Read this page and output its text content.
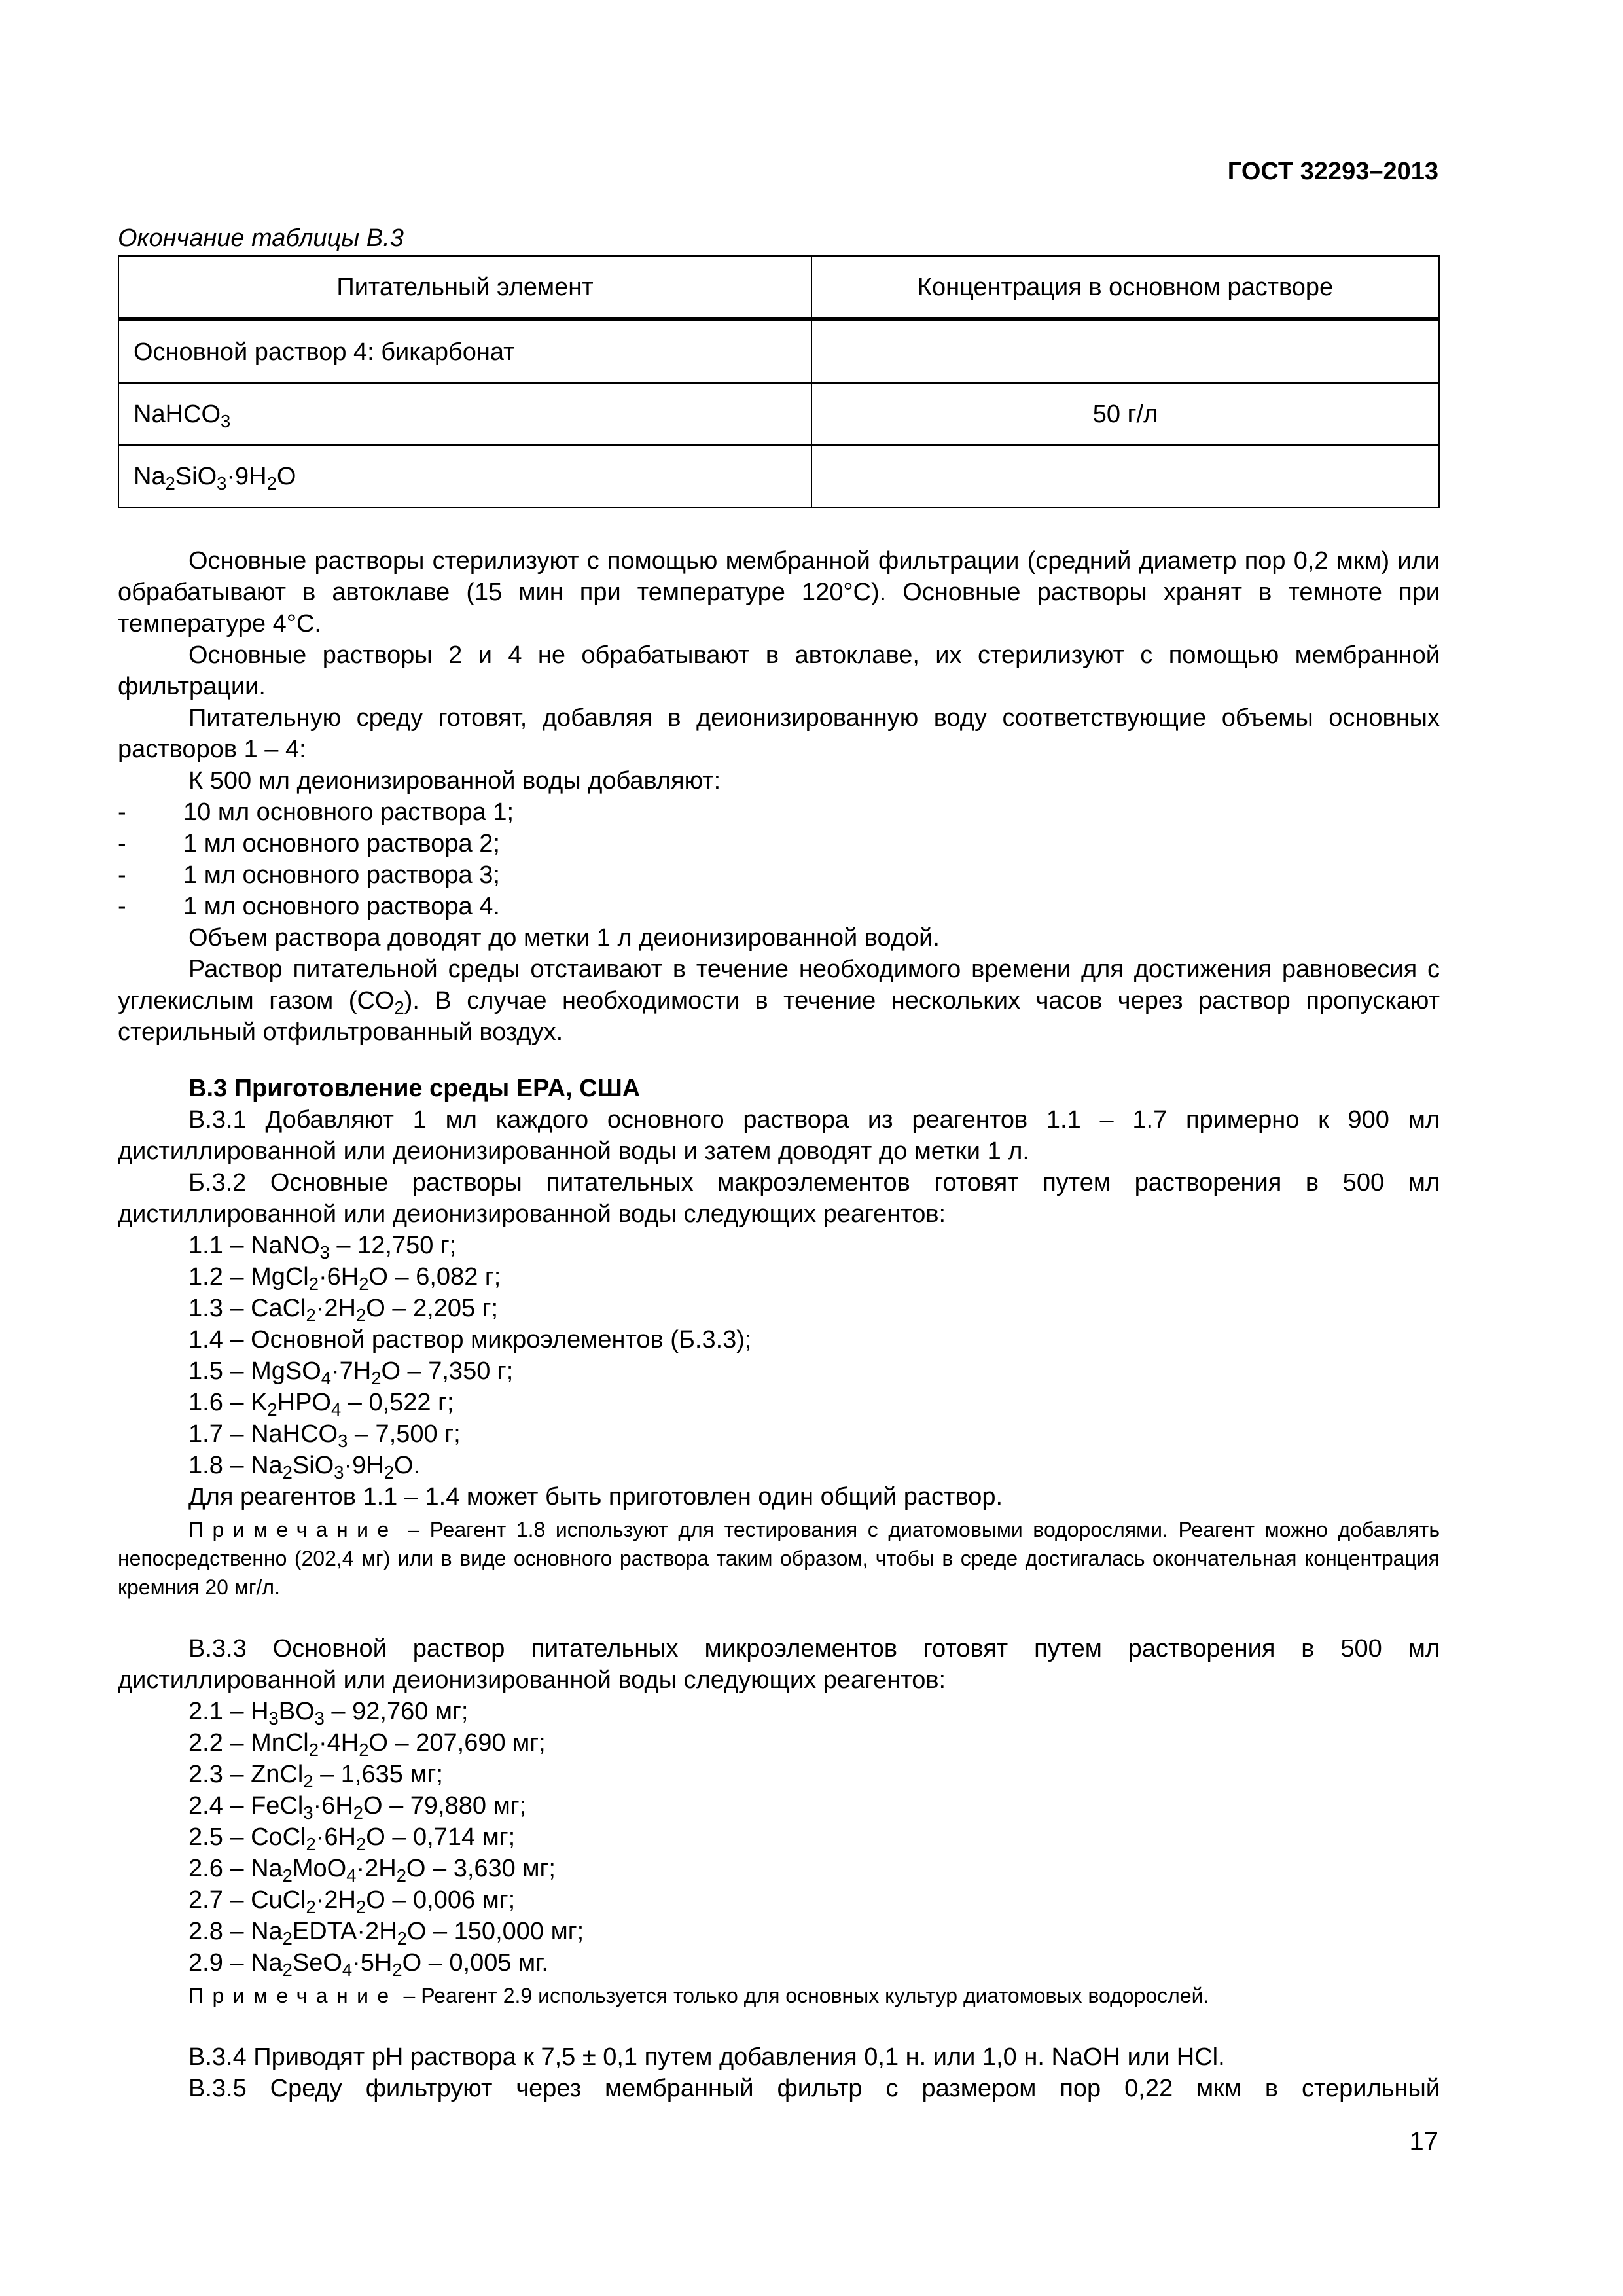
ГОСТ 32293–2013
Окончание таблицы В.3
Питательный элемент	Концентрация в основном растворе
Основной раствор 4: бикарбонат	
NaHCO$_3$	50 г/л
$Na_2SiO_3\cdot 9H_2O$	

Основные растворы стерилизуют с помощью мембранной фильтрации (средний диаметр пор 0,2 мкм) или обрабатывают в автоклаве (15 мин при температуре 120°С). Основные растворы хранят в темноте при температуре 4°С.

Основные растворы 2 и 4 не обрабатывают в автоклаве, их стерилизуют с помощью мембранной фильтрации.

Питательную среду готовят, добавляя в деионизированную воду соответствующие объемы основных растворов 1 – 4:

К 500 мл деионизированной воды добавляют:

-	10 мл основного раствора 1;
-	1 мл основного раствора 2;
-	1 мл основного раствора 3;
-	1 мл основного раствора 4.

Объем раствора доводят до метки 1 л деионизированной водой.

Раствор питательной среды отстаивают в течение необходимого времени для достижения равновесия с углекислым газом $(CO_2)$. В случае необходимости в течение нескольких часов через раствор пропускают стерильный отфильтрованный воздух.

В.3 Приготовление среды EPA, США

В.3.1 Добавляют 1 мл каждого основного раствора из реагентов 1.1 – 1.7 примерно к 900 мл дистиллированной или деионизированной воды и затем доводят до метки 1 л.

Б.3.2 Основные растворы питательных макроэлементов готовят путем растворения в 500 мл дистиллированной или деионизированной воды следующих реагентов:

1.1 – NaNO$_3$ – 12,750 г;
$1.2 - MgCl_2\cdot 6H_2O - 6,082$ г;
$1.3 - CaCl_2\cdot 2H_2O - 2,205$ г;
1.4 – Основной раствор микроэлементов (Б.3.3);
$1.5 - MgSO_4\cdot 7H_2O - 7,350$ г;
$1.6 - K_2HPO_4 - 0,522$ г;
1.7 – NaHCO$_3$ – 7,500 г;
$1.8 - Na_2SiO_3\cdot 9H_2O$.

Для реагентов 1.1 – 1.4 может быть приготовлен один общий раствор.

Примечание – Реагент 1.8 используют для тестирования с диатомовыми водорослями. Реагент можно добавлять непосредственно (202,4 мг) или в виде основного раствора таким образом, чтобы в среде достигалась окончательная концентрация кремния 20 мг/л.

В.3.3 Основной раствор питательных микроэлементов готовят путем растворения в 500 мл дистиллированной или деионизированной воды следующих реагентов:

$2.1 - H_3BO_3 - 92,760$ мг;
$2.2 - MnCl_2\cdot 4H_2O - 207,690$ мг;
2.3 – ZnCl$_2$ – 1,635 мг;
$2.4 - FeCl_3\cdot 6H_2O - 79,880$ мг;
$2.5 - CoCl_2\cdot 6H_2O - 0,714$ мг;
$2.6 - Na_2MoO_4\cdot 2H_2O - 3,630$ мг;
$2.7 - CuCl_2\cdot 2H_2O - 0,006$ мг;
$2.8 - Na_2EDTA\cdot 2H_2O - 150,000$ мг;
$2.9 - Na_2SeO_4\cdot 5H_2O - 0,005$ мг.

Примечание – Реагент 2.9 используется только для основных культур диатомовых водорослей.

В.3.4 Приводят рН раствора к 7,5 ± 0,1 путем добавления 0,1 н. или 1,0 н. NaOH или HCl.

В.3.5 Среду фильтруют через мембранный фильтр с размером пор 0,22 мкм в стерильный

17
